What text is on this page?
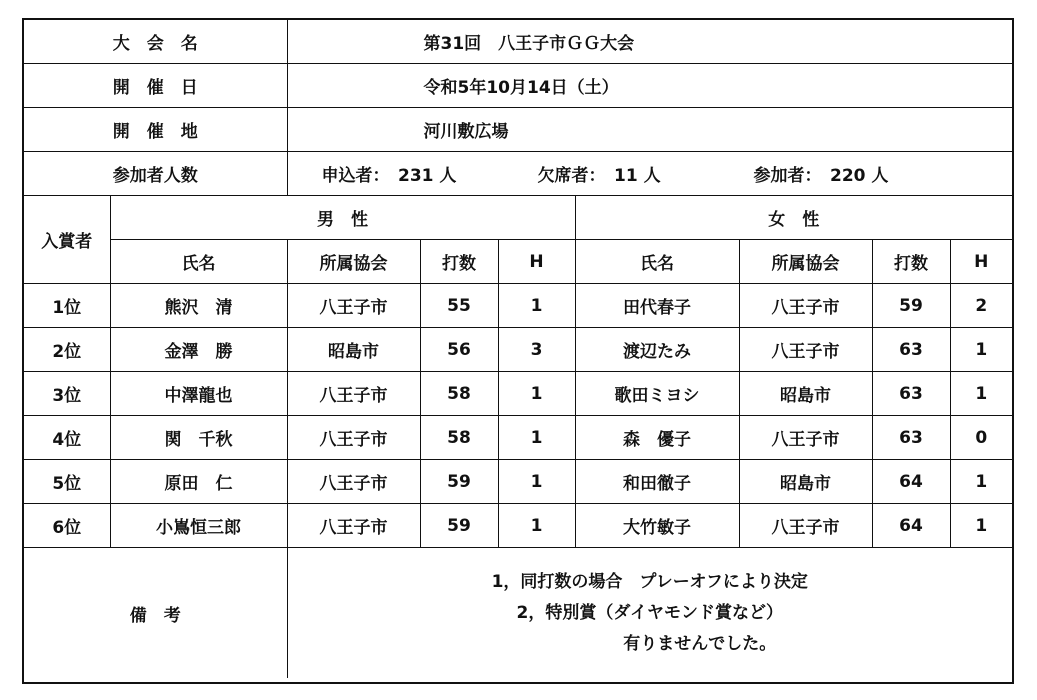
大　会　名		第31回　八王子市ＧＧ大会						
開　催　日		令和5年10月14日（土）						
開　催　地		河川敷広場						
参加者人数		申込者：　231 人 欠席者：　11 人 参加者：　220 人						
入賞者	男　性				女　性			
	氏名	所属協会	打数	H	氏名	所属協会	打数	H
1位	熊沢　清	八王子市	55	1	田代春子	八王子市	59	2
2位	金澤　勝	昭島市	56	3	渡辺たみ	八王子市	63	1
3位	中澤龍也	八王子市	58	1	歌田ミヨシ	昭島市	63	1
4位	関　千秋	八王子市	58	1	森　優子	八王子市	63	0
5位	原田　仁	八王子市	59	1	和田徹子	昭島市	64	1
6位	小嶌恒三郎	八王子市	59	1	大竹敏子	八王子市	64	1
備　考		1，同打数の場合　プレーオフにより決定
2，特別賞（ダイヤモンド賞など）
有りませんでした。						
